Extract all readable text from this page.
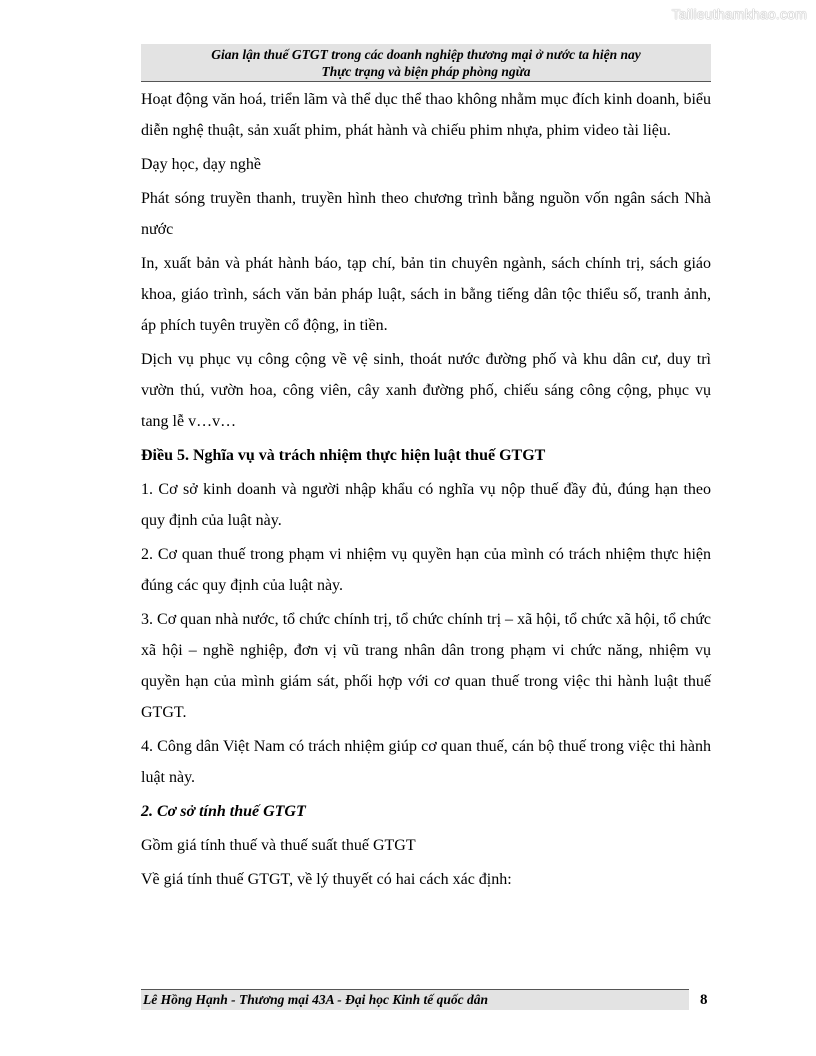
Tailieuthamkhao.com
Gian lận thuế GTGT trong các doanh nghiệp thương mại ở nước ta hiện nay
Thực trạng và biện pháp phòng ngừa

Hoạt động văn hoá, triển lãm và thể dục thể thao không nhằm mục đích kinh doanh, biểu diễn nghệ thuật, sản xuất phim, phát hành và chiếu phim nhựa, phim video tài liệu.

Dạy học, dạy nghề

Phát sóng truyền thanh, truyền hình theo chương trình bằng nguồn vốn ngân sách Nhà nước

In, xuất bản và phát hành báo, tạp chí, bản tin chuyên ngành, sách chính trị, sách giáo khoa, giáo trình, sách văn bản pháp luật, sách in bằng tiếng dân tộc thiểu số, tranh ảnh, áp phích tuyên truyền cổ động, in tiền.

Dịch vụ phục vụ công cộng về vệ sinh, thoát nước đường phố và khu dân cư, duy trì vườn thú, vườn hoa, công viên, cây xanh đường phố, chiếu sáng công cộng, phục vụ tang lễ v…v…

Điều 5. Nghĩa vụ và trách nhiệm thực hiện luật thuế GTGT

1. Cơ sở kinh doanh và người nhập khẩu có nghĩa vụ nộp thuế đầy đủ, đúng hạn theo quy định của luật này.

2. Cơ quan thuế trong phạm vi nhiệm vụ quyền hạn của mình có trách nhiệm thực hiện đúng các quy định của luật này.

3. Cơ quan nhà nước, tổ chức chính trị, tổ chức chính trị – xã hội, tổ chức xã hội, tổ chức xã hội – nghề nghiệp, đơn vị vũ trang nhân dân trong phạm vi chức năng, nhiệm vụ quyền hạn của mình giám sát, phối hợp với cơ quan thuế trong việc thi hành luật thuế GTGT.

4. Công dân Việt Nam có trách nhiệm giúp cơ quan thuế, cán bộ thuế trong việc thi hành luật này.

2. Cơ sở tính thuế GTGT

Gồm giá tính thuế và thuế suất thuế GTGT

Về giá tính thuế GTGT, về lý thuyết có hai cách xác định:

Lê Hồng Hạnh - Thương mại 43A - Đại học Kinh tế quốc dân	8
